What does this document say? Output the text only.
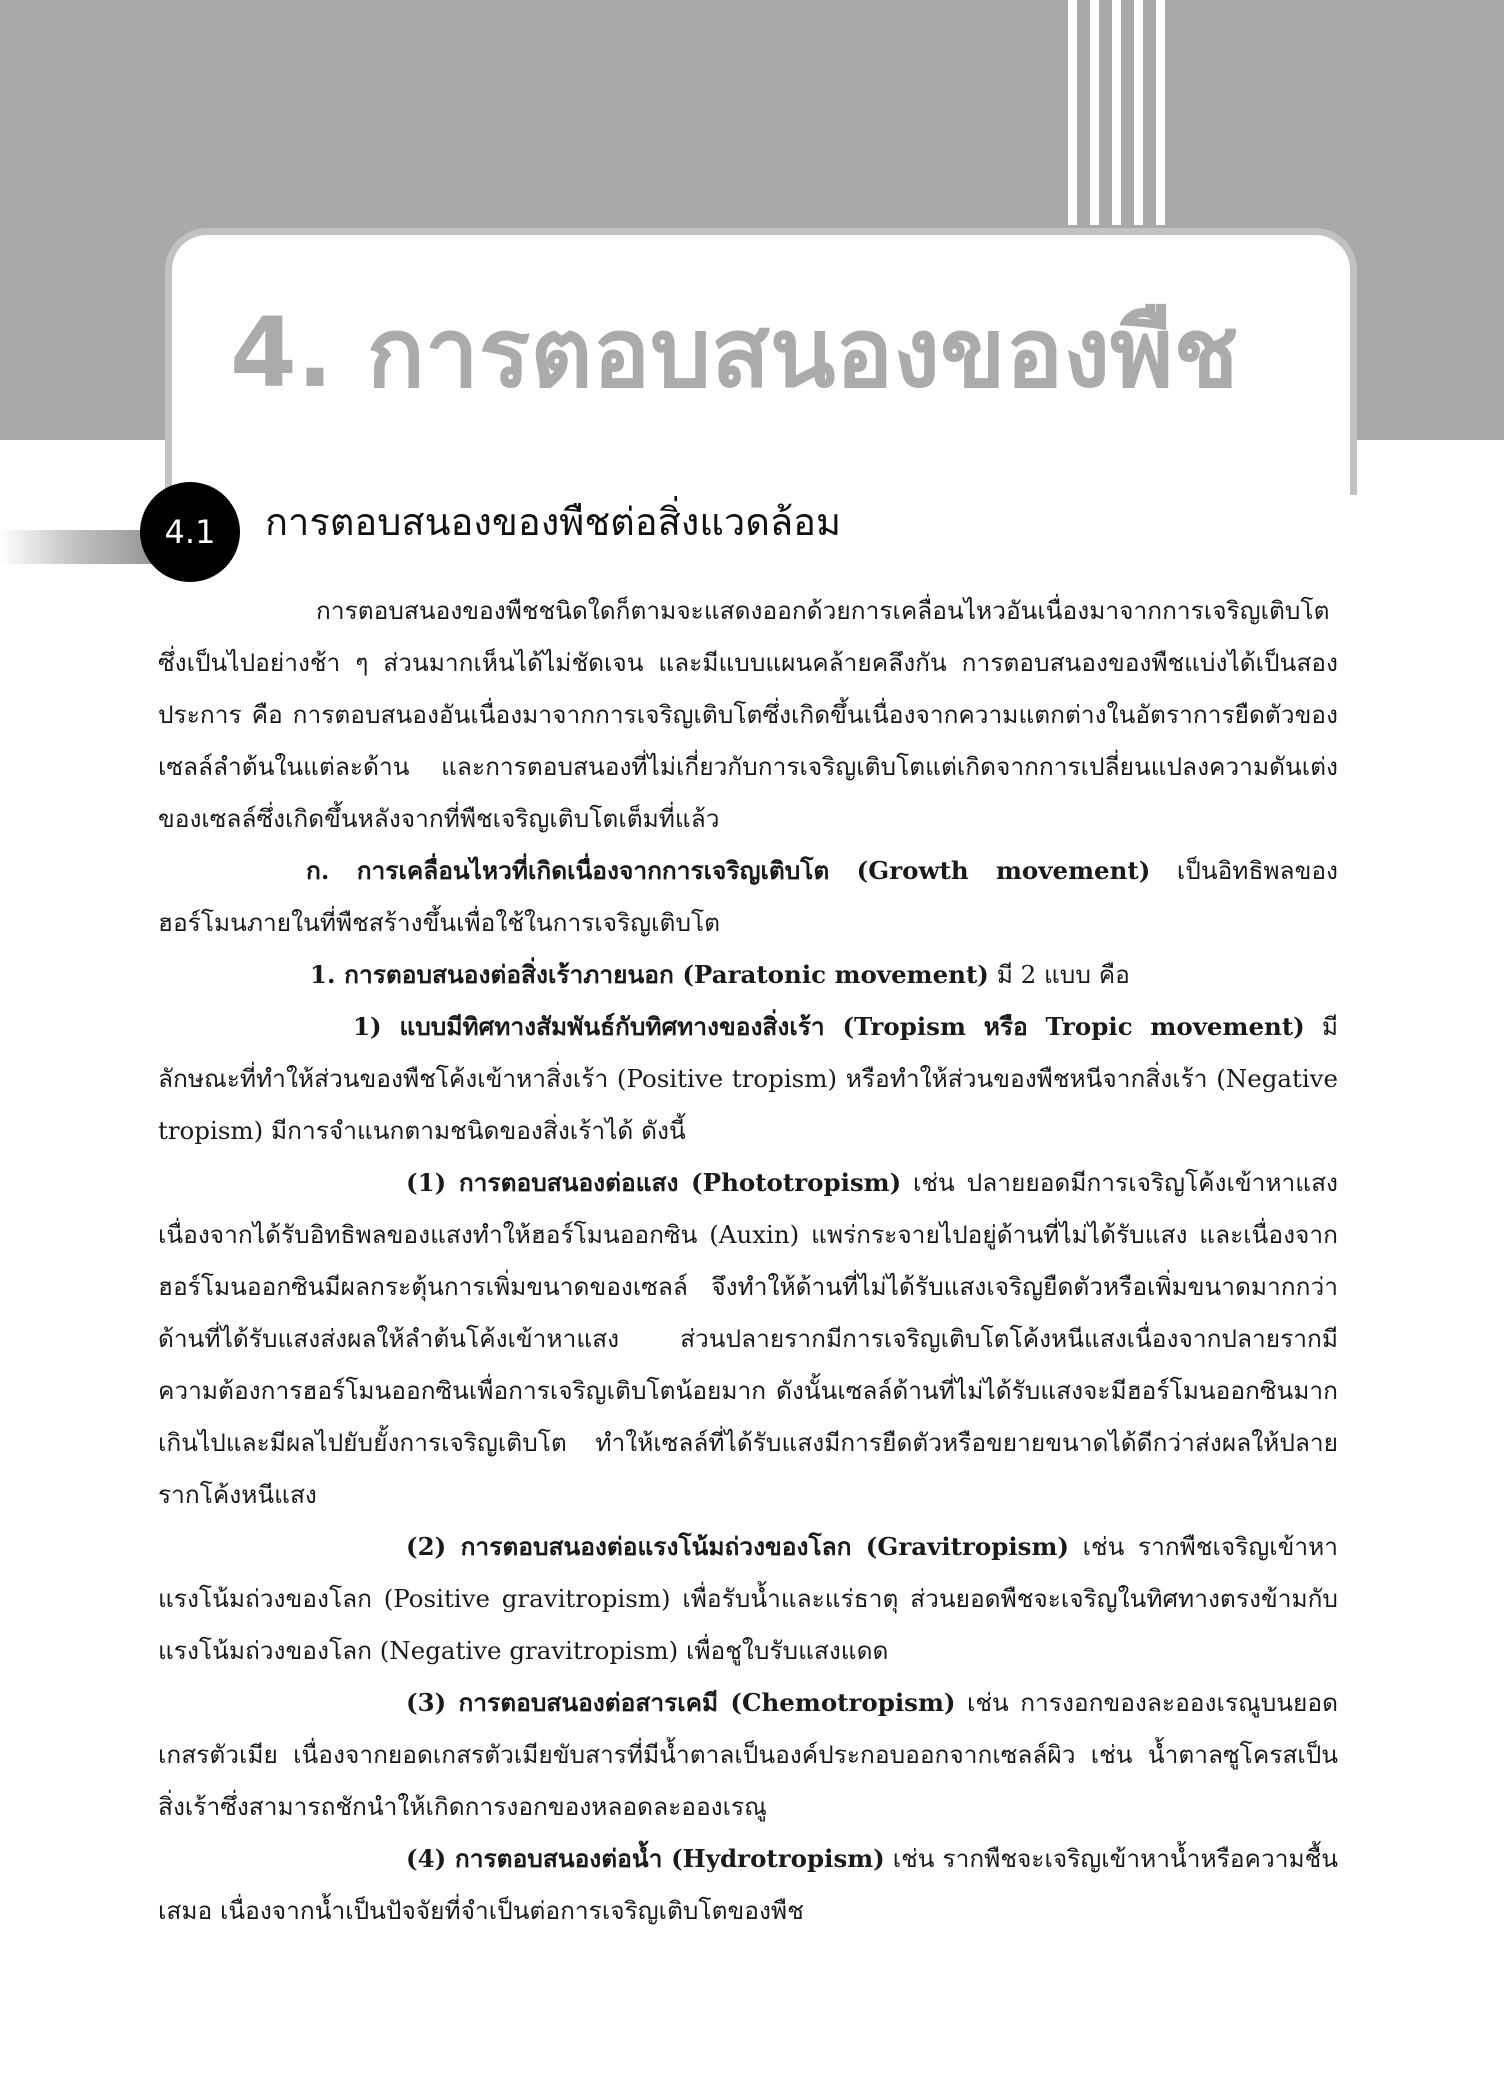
4. การตอบสนองของพืช
4.1	การตอบสนองของพืชต่อสิ่งแวดล้อม

การตอบสนองของพืชชนิดใดก็ตามจะแสดงออกด้วยการเคลื่อนไหวอันเนื่องมาจากการเจริญเติบโตซึ่งเป็นไปอย่างช้า ๆ ส่วนมากเห็นได้ไม่ชัดเจน และมีแบบแผนคล้ายคลึงกัน การตอบสนองของพืชแบ่งได้เป็นสองประการ คือ การตอบสนองอันเนื่องมาจากการเจริญเติบโตซึ่งเกิดขึ้นเนื่องจากความแตกต่างในอัตราการยืดตัวของเซลล์ลำต้นในแต่ละด้าน และการตอบสนองที่ไม่เกี่ยวกับการเจริญเติบโตแต่เกิดจากการเปลี่ยนแปลงความดันเต่งของเซลล์ซึ่งเกิดขึ้นหลังจากที่พืชเจริญเติบโตเต็มที่แล้ว

ก. การเคลื่อนไหวที่เกิดเนื่องจากการเจริญเติบโต (Growth movement) เป็นอิทธิพลของฮอร์โมนภายในที่พืชสร้างขึ้นเพื่อใช้ในการเจริญเติบโต

1. การตอบสนองต่อสิ่งเร้าภายนอก (Paratonic movement) มี 2 แบบ คือ

1) แบบมีทิศทางสัมพันธ์กับทิศทางของสิ่งเร้า (Tropism หรือ Tropic movement) มีลักษณะที่ทำให้ส่วนของพืชโค้งเข้าหาสิ่งเร้า (Positive tropism) หรือทำให้ส่วนของพืชหนีจากสิ่งเร้า (Negative tropism) มีการจำแนกตามชนิดของสิ่งเร้าได้ ดังนี้

(1) การตอบสนองต่อแสง (Phototropism) เช่น ปลายยอดมีการเจริญโค้งเข้าหาแสงเนื่องจากได้รับอิทธิพลของแสงทำให้ฮอร์โมนออกซิน (Auxin) แพร่กระจายไปอยู่ด้านที่ไม่ได้รับแสง และเนื่องจากฮอร์โมนออกซินมีผลกระตุ้นการเพิ่มขนาดของเซลล์ จึงทำให้ด้านที่ไม่ได้รับแสงเจริญยืดตัวหรือเพิ่มขนาดมากกว่าด้านที่ได้รับแสงส่งผลให้ลำต้นโค้งเข้าหาแสง ส่วนปลายรากมีการเจริญเติบโตโค้งหนีแสงเนื่องจากปลายรากมีความต้องการฮอร์โมนออกซินเพื่อการเจริญเติบโตน้อยมาก ดังนั้นเซลล์ด้านที่ไม่ได้รับแสงจะมีฮอร์โมนออกซินมากเกินไปและมีผลไปยับยั้งการเจริญเติบโต ทำให้เซลล์ที่ได้รับแสงมีการยืดตัวหรือขยายขนาดได้ดีกว่าส่งผลให้ปลายรากโค้งหนีแสง

(2) การตอบสนองต่อแรงโน้มถ่วงของโลก (Gravitropism) เช่น รากพืชเจริญเข้าหาแรงโน้มถ่วงของโลก (Positive gravitropism) เพื่อรับน้ำและแร่ธาตุ ส่วนยอดพืชจะเจริญในทิศทางตรงข้ามกับแรงโน้มถ่วงของโลก (Negative gravitropism) เพื่อชูใบรับแสงแดด

(3) การตอบสนองต่อสารเคมี (Chemotropism) เช่น การงอกของละอองเรณูบนยอดเกสรตัวเมีย เนื่องจากยอดเกสรตัวเมียขับสารที่มีน้ำตาลเป็นองค์ประกอบออกจากเซลล์ผิว เช่น น้ำตาลซูโครสเป็นสิ่งเร้าซึ่งสามารถชักนำให้เกิดการงอกของหลอดละอองเรณู

(4) การตอบสนองต่อน้ำ (Hydrotropism) เช่น รากพืชจะเจริญเข้าหาน้ำหรือความชื้นเสมอ เนื่องจากน้ำเป็นปัจจัยที่จำเป็นต่อการเจริญเติบโตของพืช
